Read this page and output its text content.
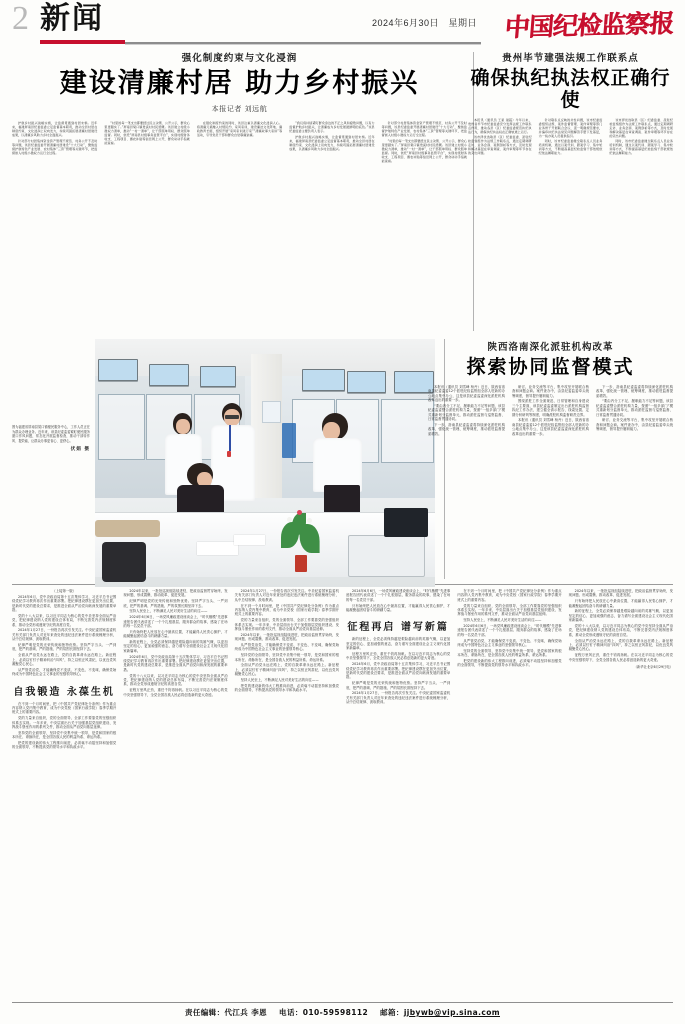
2 新闻	2024年6月30日　星期日 中国纪检监察报
强化制度约束与文化浸润
建设清廉村居 助力乡村振兴
本报记者 刘远航

护航乡村振兴战略实施，让监督贯通到村居末梢。近年来，福建屏南县纪委监委立足监督基本职责，推动全县村居在制度约束、文化浸润上双向发力，持续巩固拓展清廉村居建设成果，以清廉乡风助力乡村全面振兴。

针对部分村居集体资金资产管理不规范、村务公开不及时等问题，该县纪委监委开展清廉村居建设“十大行动”，聚焦监督护航特色产业发展、农村集体“三资”管理等关键环节，把监督嵌入村级小微权力运行全过程。

“村里的每一笔支出都要经过民主决策、公开公示，群众心里更踏实了。”屏南县棠口镇贵溪村村民感慨。该县建立村级小微权力清单，推动“一村一清单”，让干部照单用权、群众照单监督。同时，依托“屏南县村级事务监管平台”，实现村级财务收支、工程项目、惠农补贴等信息网上公开，群众动动手指就能查看。

在强化制度约束的同时，该县注重以清廉文化浸润人心。将清廉元素融入村规民约、家风家训，建设廉洁文化阵地、廉政教育长廊，组织开展“家风家训进万家”“清廉故事大家讲”等活动，引导党员干部和群众自觉尊廉崇廉。

“我们将持续紧盯群众身边的不正之风和腐败问题，以有力监督护航乡村振兴，让清廉成为乡村发展最鲜明的底色。”该县纪委监委主要负责人表示。

护航乡村振兴战略实施，让监督贯通到村居末梢。近年来，福建屏南县纪委监委立足监督基本职责，推动全县村居在制度约束、文化浸润上双向发力，持续巩固拓展清廉村居建设成果，以清廉乡风助力乡村全面振兴。

针对部分村居集体资金资产管理不规范、村务公开不及时等问题，该县纪委监委开展清廉村居建设“十大行动”，聚焦监督护航特色产业发展、农村集体“三资”管理等关键环节，把监督嵌入村级小微权力运行全过程。

“村里的每一笔支出都要经过民主决策、公开公示，群众心里更踏实了。”屏南县棠口镇贵溪村村民感慨。该县建立村级小微权力清单，推动“一村一清单”，让干部照单用权、群众照单监督。同时，依托“屏南县村级事务监管平台”，实现村级财务收支、工程项目、惠农补贴等信息网上公开，群众动动手指就能查看。

贵州毕节建强法规工作联系点
确保执纪执法权正确行使

本报讯（通讯员 王星 逯超）今年以来，贵州省毕节市纪委监委充分发挥法规工作联系点作用，推动各县（区）纪委监委规范执纪执法行为，确保执纪执法权在正确轨道上运行。

该市择优选取县（区）纪委监委、派驻纪检监察组作为法规工作联系点，通过定期调研走访、业务会商、案例剖析等方式，及时发现和解决基层在审查调查、案件审理等环节存在的突出问题。

针对联系点反映的共性问题，该市纪委监委组织法规、案件监督管理、案件审理等部门业务骨干开展联合会诊，逐一明确规范要求，并编印执纪执法常见问题解答手册下发基层，为一线办案人员提供指引。

同时，该市纪委监委健全联系点人员业务培训机制，通过以案代训、跟案学习、集中轮训等方式，不断提高基层纪检监察干部依规依纪依法履职能力。

该市择优选取县（区）纪委监委、派驻纪检监察组作为法规工作联系点，通过定期调研走访、业务会商、案例剖析等方式，及时发现和解决基层在审查调查、案件审理等环节存在的突出问题。

同时，该市纪委监委健全联系点人员业务培训机制，通过以案代训、跟案学习、集中轮训等方式，不断提高基层纪检监察干部依规依纪依法履职能力。

图为福建省屏南县棠口镇便民服务中心，工作人员正在为群众办理业务。近年来，该县纪委监委紧盯便民服务窗口作风问题，常态化开展监督检查，推动干部转作风、提效能，让群众办事更省心、更舒心。
伏娟 摄
陕西洛南深化派驻机构改革
探索协同监督模式

本报讯（通讯员 刘雪峰 杨丹）近日，陕西省洛南县纪委监委12个派驻纪检监察组全部人驻新的办公地点集中办公，这是该县纪委监委深化派驻机构改革迈出的重要一步。

“要由内分工不足、履职能力不足等问题，该县纪委监委整合派驻机构力量，按照“一组多部门”模式重新划分监督单元，推动派驻监督与巡察监督、日常监督贯通协同。

下一步，洛南县纪委监委将持续深化派驻机构改革，强化统一管理、统筹调度，推动派驻监督提质增效。

研讨、业务交流等平台，集中攻坚开展联合核查和问题会商。案件查办中，由县纪委监委牵头统筹调度，督导提升履职能力。

围绕派驻工作全面规范、日常管理和自身建设三个主要面，该县纪委监委制定出台派驻机构监督执纪工作办法，建立健全请示报告、线索处置、定期分析研判等制度，明确派驻机构监督职责边界。

本报讯（通讯员 刘雪峰 杨丹）近日，陕西省洛南县纪委监委12个派驻纪检监察组全部人驻新的办公地点集中办公，这是该县纪委监委深化派驻机构改革迈出的重要一步。

下一步，洛南县纪委监委将持续深化派驻机构改革，强化统一管理、统筹调度，推动派驻监督提质增效。

“要由内分工不足、履职能力不足等问题，该县纪委监委整合派驻机构力量，按照“一组多部门”模式重新划分监督单元，推动派驻监督与巡察监督、日常监督贯通协同。

研讨、业务交流等平台，集中攻坚开展联合核查和问题会商。案件查办中，由县纪委监委牵头统筹调度，督导提升履职能力。

（上接第一版）

2024年6月，党中央政治局第十五次集体学习，习近平总书记围绕党纪学习教育再次作出重要部署。把纪律建设摆在更加突出位置，是新时代党的建设总要求，是推进全面从严治党向纵深发展的重要举措。

党的十八大以来，以习近平同志为核心的党中央坚持全面从严治党，把纪律建设纳入党的建设总体布局，不断完善党内法规制度体系，推动全党形成遵规守纪的高度自觉。

2024年1月27日，一份报告再次引发关注。中央纪委国家监委机关有关部门负责人对近年来查处的违纪违法案件进行系统梳理分析，从中总结规律、汲取教训。

纪律严明是党的光荣传统和独特优势。坚持严字当头、一严到底，把严的基调、严的措施、严的氛围长期坚持下去。

全面从严治党永远在路上，党的自我革命永远在路上。新征程上，必须以钉钉子精神纠治“四风”，持之以恒正风肃纪，以优良党风凝聚党心民心。

从严管党治党，才能确保党不变质、不变色、不变味，确保党始终成为中国特色社会主义事业的坚强领导核心。

自我锻造 永葆生机

在不到一个月时间里，把《中国共产党纪律处分条例》作为重点内容纳入党内集中教育，成为中央党校（国家行政学院）春季学期开班式上的重要内容。

党的力量来自组织，党的全面领导、全部工作要靠党的坚强组织体系去实现。一年多来，中央层面出台关于加强基层党组织建设、发挥战斗堡垒作用的系列文件，推动全面从严治党向基层延伸。

坚持党的全面领导，坚持党中央集中统一领导，是党和国家的根本所在、命脉所在，是全国各族人民的利益所系、命运所系。

把党的建设新的伟大工程推向前进，必须毫不动摇坚持和加强党的全面领导，不断提高党的领导水平和执政水平。

2024年以来，一批批巡视组陆续进驻，把政治监督贯穿始终，发现问题、形成震慑、推动改革、促进发展。

纪律严明是党的光荣传统和独特优势。坚持严字当头、一严到底，把严的基调、严的措施、严的氛围长期坚持下去。

坚持人民至上，不断满足人民对美好生活的向往——

2024年6月6日，一场党风廉政建设座谈会上，“时代楷模”先进事迹报告团代表讲述了一个个扎根基层、服务群众的故事，感染了在场的每一名党员干部。

只有始终把人民放在心中最高位置，才能赢得人民衷心拥护，才能凝聚起团结奋斗的磅礴力量。

新的征程上，全党必须保持越是艰险越向前的英雄气概，以更加坚定的信心、更加顽强的意志，奋力谱写全面建设社会主义现代化国家新篇章。

2024年6月，党中央政治局第十五次集体学习，习近平总书记围绕党纪学习教育再次作出重要部署。把纪律建设摆在更加突出位置，是新时代党的建设总要求，是推进全面从严治党向纵深发展的重要举措。

党的十八大以来，以习近平同志为核心的党中央坚持全面从严治党，把纪律建设纳入党的建设总体布局，不断完善党内法规制度体系，推动全党形成遵规守纪的高度自觉。

征程万里风正劲，重任千钧再扬帆。在以习近平同志为核心的党中央坚强领导下，全党全国各族人民必将创造新的更大奇迹。

2024年1月27日，一份报告再次引发关注。中央纪委国家监委机关有关部门负责人对近年来查处的违纪违法案件进行系统梳理分析，从中总结规律、汲取教训。

在不到一个月时间里，把《中国共产党纪律处分条例》作为重点内容纳入党内集中教育，成为中央党校（国家行政学院）春季学期开班式上的重要内容。

党的力量来自组织，党的全面领导、全部工作要靠党的坚强组织体系去实现。一年多来，中央层面出台关于加强基层党组织建设、发挥战斗堡垒作用的系列文件，推动全面从严治党向基层延伸。

2024年以来，一批批巡视组陆续进驻，把政治监督贯穿始终，发现问题、形成震慑、推动改革、促进发展。

从严管党治党，才能确保党不变质、不变色、不变味，确保党始终成为中国特色社会主义事业的坚强领导核心。

坚持党的全面领导，坚持党中央集中统一领导，是党和国家的根本所在、命脉所在，是全国各族人民的利益所系、命运所系。

全面从严治党永远在路上，党的自我革命永远在路上。新征程上，必须以钉钉子精神纠治“四风”，持之以恒正风肃纪，以优良党风凝聚党心民心。

坚持人民至上，不断满足人民对美好生活的向往——

把党的建设新的伟大工程推向前进，必须毫不动摇坚持和加强党的全面领导，不断提高党的领导水平和执政水平。

2024年6月6日，一场党风廉政建设座谈会上，“时代楷模”先进事迹报告团代表讲述了一个个扎根基层、服务群众的故事，感染了在场的每一名党员干部。

只有始终把人民放在心中最高位置，才能赢得人民衷心拥护，才能凝聚起团结奋斗的磅礴力量。

征程再启 谱写新篇

新的征程上，全党必须保持越是艰险越向前的英雄气概，以更加坚定的信心、更加顽强的意志，奋力谱写全面建设社会主义现代化国家新篇章。

征程万里风正劲，重任千钧再扬帆。在以习近平同志为核心的党中央坚强领导下，全党全国各族人民必将创造新的更大奇迹。

2024年6月，党中央政治局第十五次集体学习，习近平总书记围绕党纪学习教育再次作出重要部署。把纪律建设摆在更加突出位置，是新时代党的建设总要求，是推进全面从严治党向纵深发展的重要举措。

纪律严明是党的光荣传统和独特优势。坚持严字当头、一严到底，把严的基调、严的措施、严的氛围长期坚持下去。

2024年1月27日，一份报告再次引发关注。中央纪委国家监委机关有关部门负责人对近年来查处的违纪违法案件进行系统梳理分析，从中总结规律、汲取教训。

在不到一个月时间里，把《中国共产党纪律处分条例》作为重点内容纳入党内集中教育，成为中央党校（国家行政学院）春季学期开班式上的重要内容。

党的力量来自组织，党的全面领导、全部工作要靠党的坚强组织体系去实现。一年多来，中央层面出台关于加强基层党组织建设、发挥战斗堡垒作用的系列文件，推动全面从严治党向基层延伸。

坚持人民至上，不断满足人民对美好生活的向往——

2024年6月6日，一场党风廉政建设座谈会上，“时代楷模”先进事迹报告团代表讲述了一个个扎根基层、服务群众的故事，感染了在场的每一名党员干部。

从严管党治党，才能确保党不变质、不变色、不变味，确保党始终成为中国特色社会主义事业的坚强领导核心。

坚持党的全面领导，坚持党中央集中统一领导，是党和国家的根本所在、命脉所在，是全国各族人民的利益所系、命运所系。

把党的建设新的伟大工程推向前进，必须毫不动摇坚持和加强党的全面领导，不断提高党的领导水平和执政水平。

2024年以来，一批批巡视组陆续进驻，把政治监督贯穿始终，发现问题、形成震慑、推动改革、促进发展。

只有始终把人民放在心中最高位置，才能赢得人民衷心拥护，才能凝聚起团结奋斗的磅礴力量。

新的征程上，全党必须保持越是艰险越向前的英雄气概，以更加坚定的信心、更加顽强的意志，奋力谱写全面建设社会主义现代化国家新篇章。

党的十八大以来，以习近平同志为核心的党中央坚持全面从严治党，把纪律建设纳入党的建设总体布局，不断完善党内法规制度体系，推动全党形成遵规守纪的高度自觉。

全面从严治党永远在路上，党的自我革命永远在路上。新征程上，必须以钉钉子精神纠治“四风”，持之以恒正风肃纪，以优良党风凝聚党心民心。

征程万里风正劲，重任千钧再扬帆。在以习近平同志为核心的党中央坚强领导下，全党全国各族人民必将创造新的更大奇迹。

（新华社北京6月29日电）
责任编辑：代江兵 李恩 电话：010-59598112 邮箱：jjbywb@vip.sina.com
